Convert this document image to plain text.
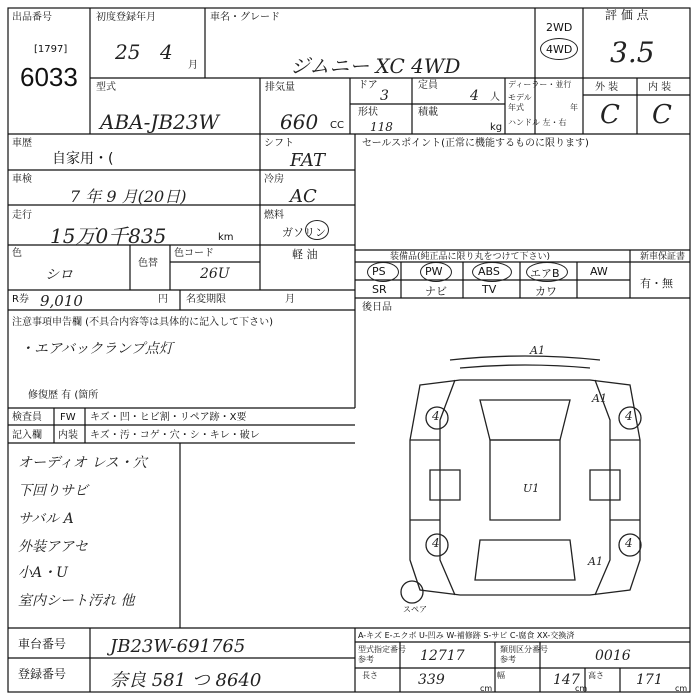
出品番号
[1797]
6033
初度登録年月
25 4
月
車名・グレード
ジムニー XC 4WD
2WD
4WD
評 価 点
3.5
外 装	内 装
C C
型式
ABA-JB23W
排気量
660 CC
ドア
3
定員
4 人
形状
118
積載
kg
ディーラー・並行
モデル
年式	年
ハンドル 左・右
車歴
自家用・(
シフト
FAT
車検
7 年 9 月(20日)
冷房
AC
走行
15万0千835	km
燃料
ガソリン
軽 油
色
シロ
色替
色コード
26U
R券 9,010	円 名変期限	月
セールスポイント(正常に機能するものに限ります)
装備品(純正品に限り丸をつけて下さい)	新車保証書
PS	PW	ABS	エアB	AW
SR	ナビ	TV	カワ
有・無
後日品
注意事項申告欄 (不具合内容等は具体的に記入して下さい)
・エアバックランプ点灯
修復歴 有 (箇所
検査員
記入欄
FW キズ・凹・ヒビ割・リペア跡・X要
内装 キズ・汚・コゲ・穴・シ・キレ・破レ
オーディオ レス・穴
下回りサビ
サバル A
外装アアセ
小A・U
室内シート汚れ 他
A1
A1
U1
A1
4	4
4	4
スペア
A-キズ E-エクボ U-凹み W-補修跡 S-サビ C-腐食 XX-交換済
車台番号 JB23W-691765
登録番号 奈良 581 つ 8640
型式指定番号
参考	12717	類別区分番号
参考	0016
長さ	339	幅	147 高さ 171
cm	cm	cm
